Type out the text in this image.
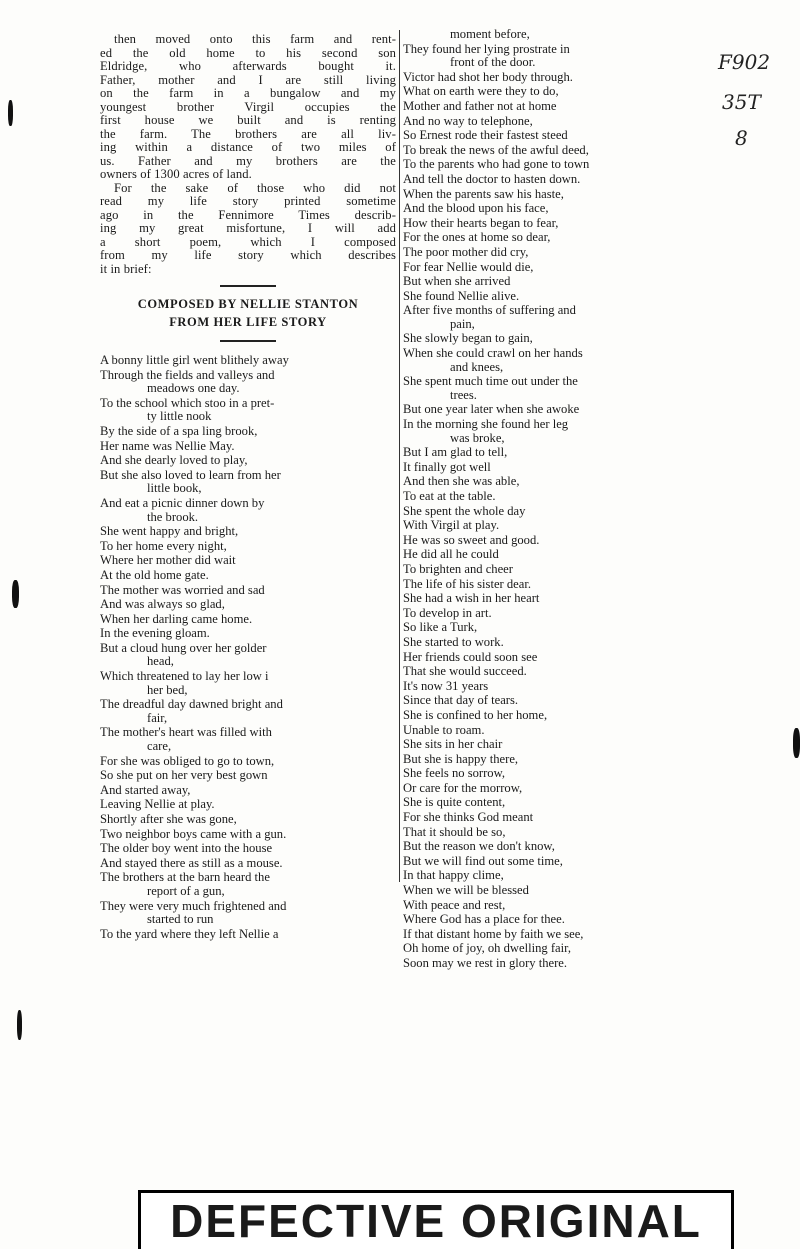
then moved onto this farm and rent-
ed the old home to his second son
Eldridge, who afterwards bought it.
Father, mother and I are still living
on the farm in a bungalow and my
youngest brother Virgil occupies the
first house we built and is renting
the farm. The brothers are all liv-
ing within a distance of two miles of
us. Father and my brothers are the
owners of 1300 acres of land.
For the sake of those who did not
read my life story printed sometime
ago in the Fennimore Times describ-
ing my great misfortune, I will add
a short poem, which I composed
from my life story which describes
it in brief:

COMPOSED BY NELLIE STANTON

FROM HER LIFE STORY

A bonny little girl went blithely away
Through the fields and valleys and
meadows one day.
To the school which stoo in a pret-
ty little nook
By the side of a spa ling brook,
Her name was Nellie May.
And she dearly loved to play,
But she also loved to learn from her
little book,
And eat a picnic dinner down by
the brook.
She went happy and bright,
To her home every night,
Where her mother did wait
At the old home gate.
The mother was worried and sad
And was always so glad,
When her darling came home.
In the evening gloam.
But a cloud hung over her golder
head,
Which threatened to lay her low i
her bed,
The dreadful day dawned bright and
fair,
The mother's heart was filled with
care,
For she was obliged to go to town,
So she put on her very best gown
And started away,
Leaving Nellie at play.
Shortly after she was gone,
Two neighbor boys came with a gun.
The older boy went into the house
And stayed there as still as a mouse.
The brothers at the barn heard the
report of a gun,
They were very much frightened and
started to run
To the yard where they left Nellie a
moment before,
They found her lying prostrate in
front of the door.
Victor had shot her body through.
What on earth were they to do,
Mother and father not at home
And no way to telephone,
So Ernest rode their fastest steed
To break the news of the awful deed,
To the parents who had gone to town
And tell the doctor to hasten down.
When the parents saw his haste,
And the blood upon his face,
How their hearts began to fear,
For the ones at home so dear,
The poor mother did cry,
For fear Nellie would die,
But when she arrived
She found Nellie alive.
After five months of suffering and
pain,
She slowly began to gain,
When she could crawl on her hands
and knees,
She spent much time out under the
trees.
But one year later when she awoke
In the morning she found her leg
was broke,
But I am glad to tell,
It finally got well
And then she was able,
To eat at the table.
She spent the whole day
With Virgil at play.
He was so sweet and good.
He did all he could
To brighten and cheer
The life of his sister dear.
She had a wish in her heart
To develop in art.
So like a Turk,
She started to work.
Her friends could soon see
That she would succeed.
It's now 31 years
Since that day of tears.
She is confined to her home,
Unable to roam.
She sits in her chair
But she is happy there,
She feels no sorrow,
Or care for the morrow,
She is quite content,
For she thinks God meant
That it should be so,
But the reason we don't know,
But we will find out some time,
In that happy clime,
When we will be blessed
With peace and rest,
Where God has a place for thee.
If that distant home by faith we see,
Oh home of joy, oh dwelling fair,
Soon may we rest in glory there.
F902
35T
8
DEFECTIVE ORIGINAL
